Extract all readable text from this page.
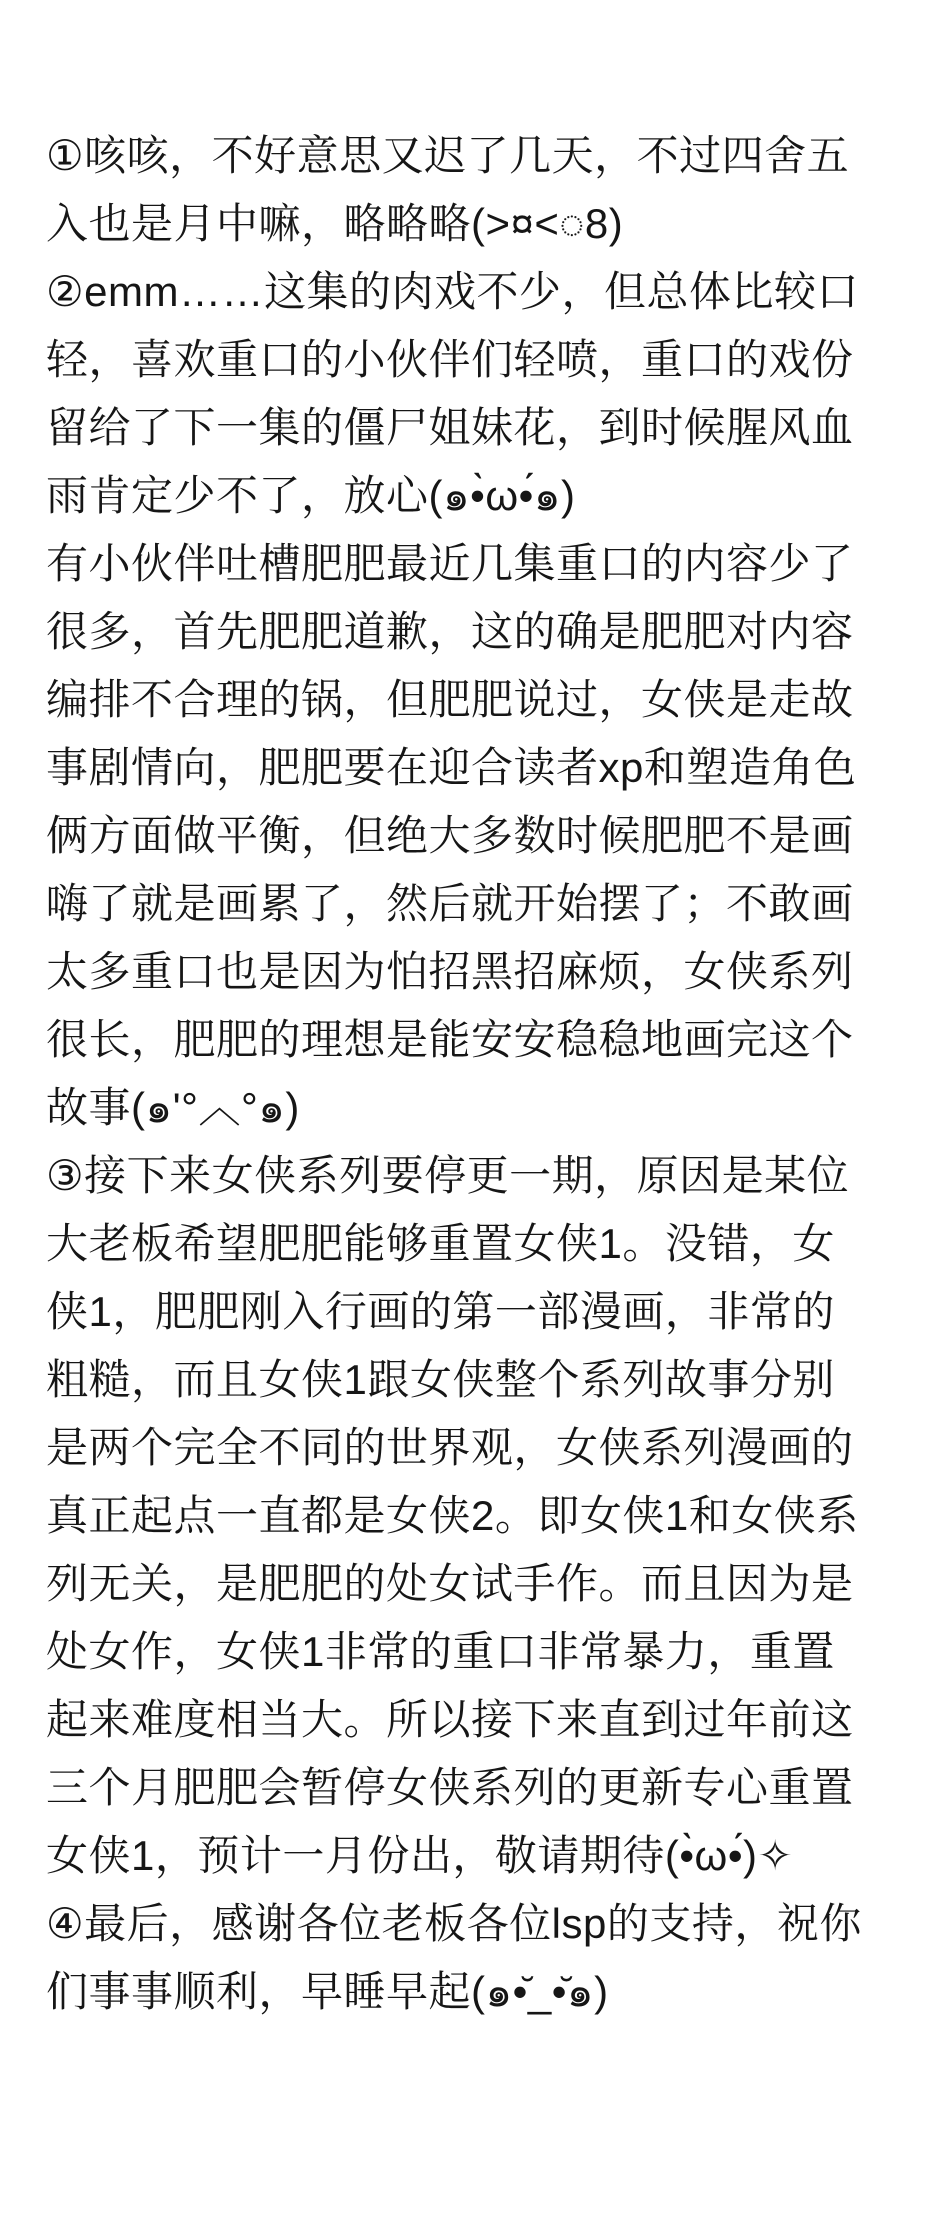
①咳咳，不好意思又迟了几天，不过四舍五
入也是月中嘛，略略略(>¤<◌8)
②emm……这集的肉戏不少，但总体比较口
轻，喜欢重口的小伙伴们轻喷，重口的戏份
留给了下一集的僵尸姐妹花，到时候腥风血
雨肯定少不了，放心(๑•̀ω•́๑)
有小伙伴吐槽肥肥最近几集重口的内容少了
很多，首先肥肥道歉，这的确是肥肥对内容
编排不合理的锅，但肥肥说过，女侠是走故
事剧情向，肥肥要在迎合读者xp和塑造角色
俩方面做平衡，但绝大多数时候肥肥不是画
嗨了就是画累了，然后就开始摆了；不敢画
太多重口也是因为怕招黑招麻烦，女侠系列
很长，肥肥的理想是能安安稳稳地画完这个
故事(๑'°︿°๑)
③接下来女侠系列要停更一期，原因是某位
大老板希望肥肥能够重置女侠1。没错，女
侠1，肥肥刚入行画的第一部漫画，非常的
粗糙，而且女侠1跟女侠整个系列故事分别
是两个完全不同的世界观，女侠系列漫画的
真正起点一直都是女侠2。即女侠1和女侠系
列无关，是肥肥的处女试手作。而且因为是
处女作，女侠1非常的重口非常暴力，重置
起来难度相当大。所以接下来直到过年前这
三个月肥肥会暂停女侠系列的更新专心重置
女侠1，预计一月份出，敬请期待(•̀ω•́)✧
④最后，感谢各位老板各位lsp的支持，祝你
们事事顺利，早睡早起(๑•̆_•̆๑)
